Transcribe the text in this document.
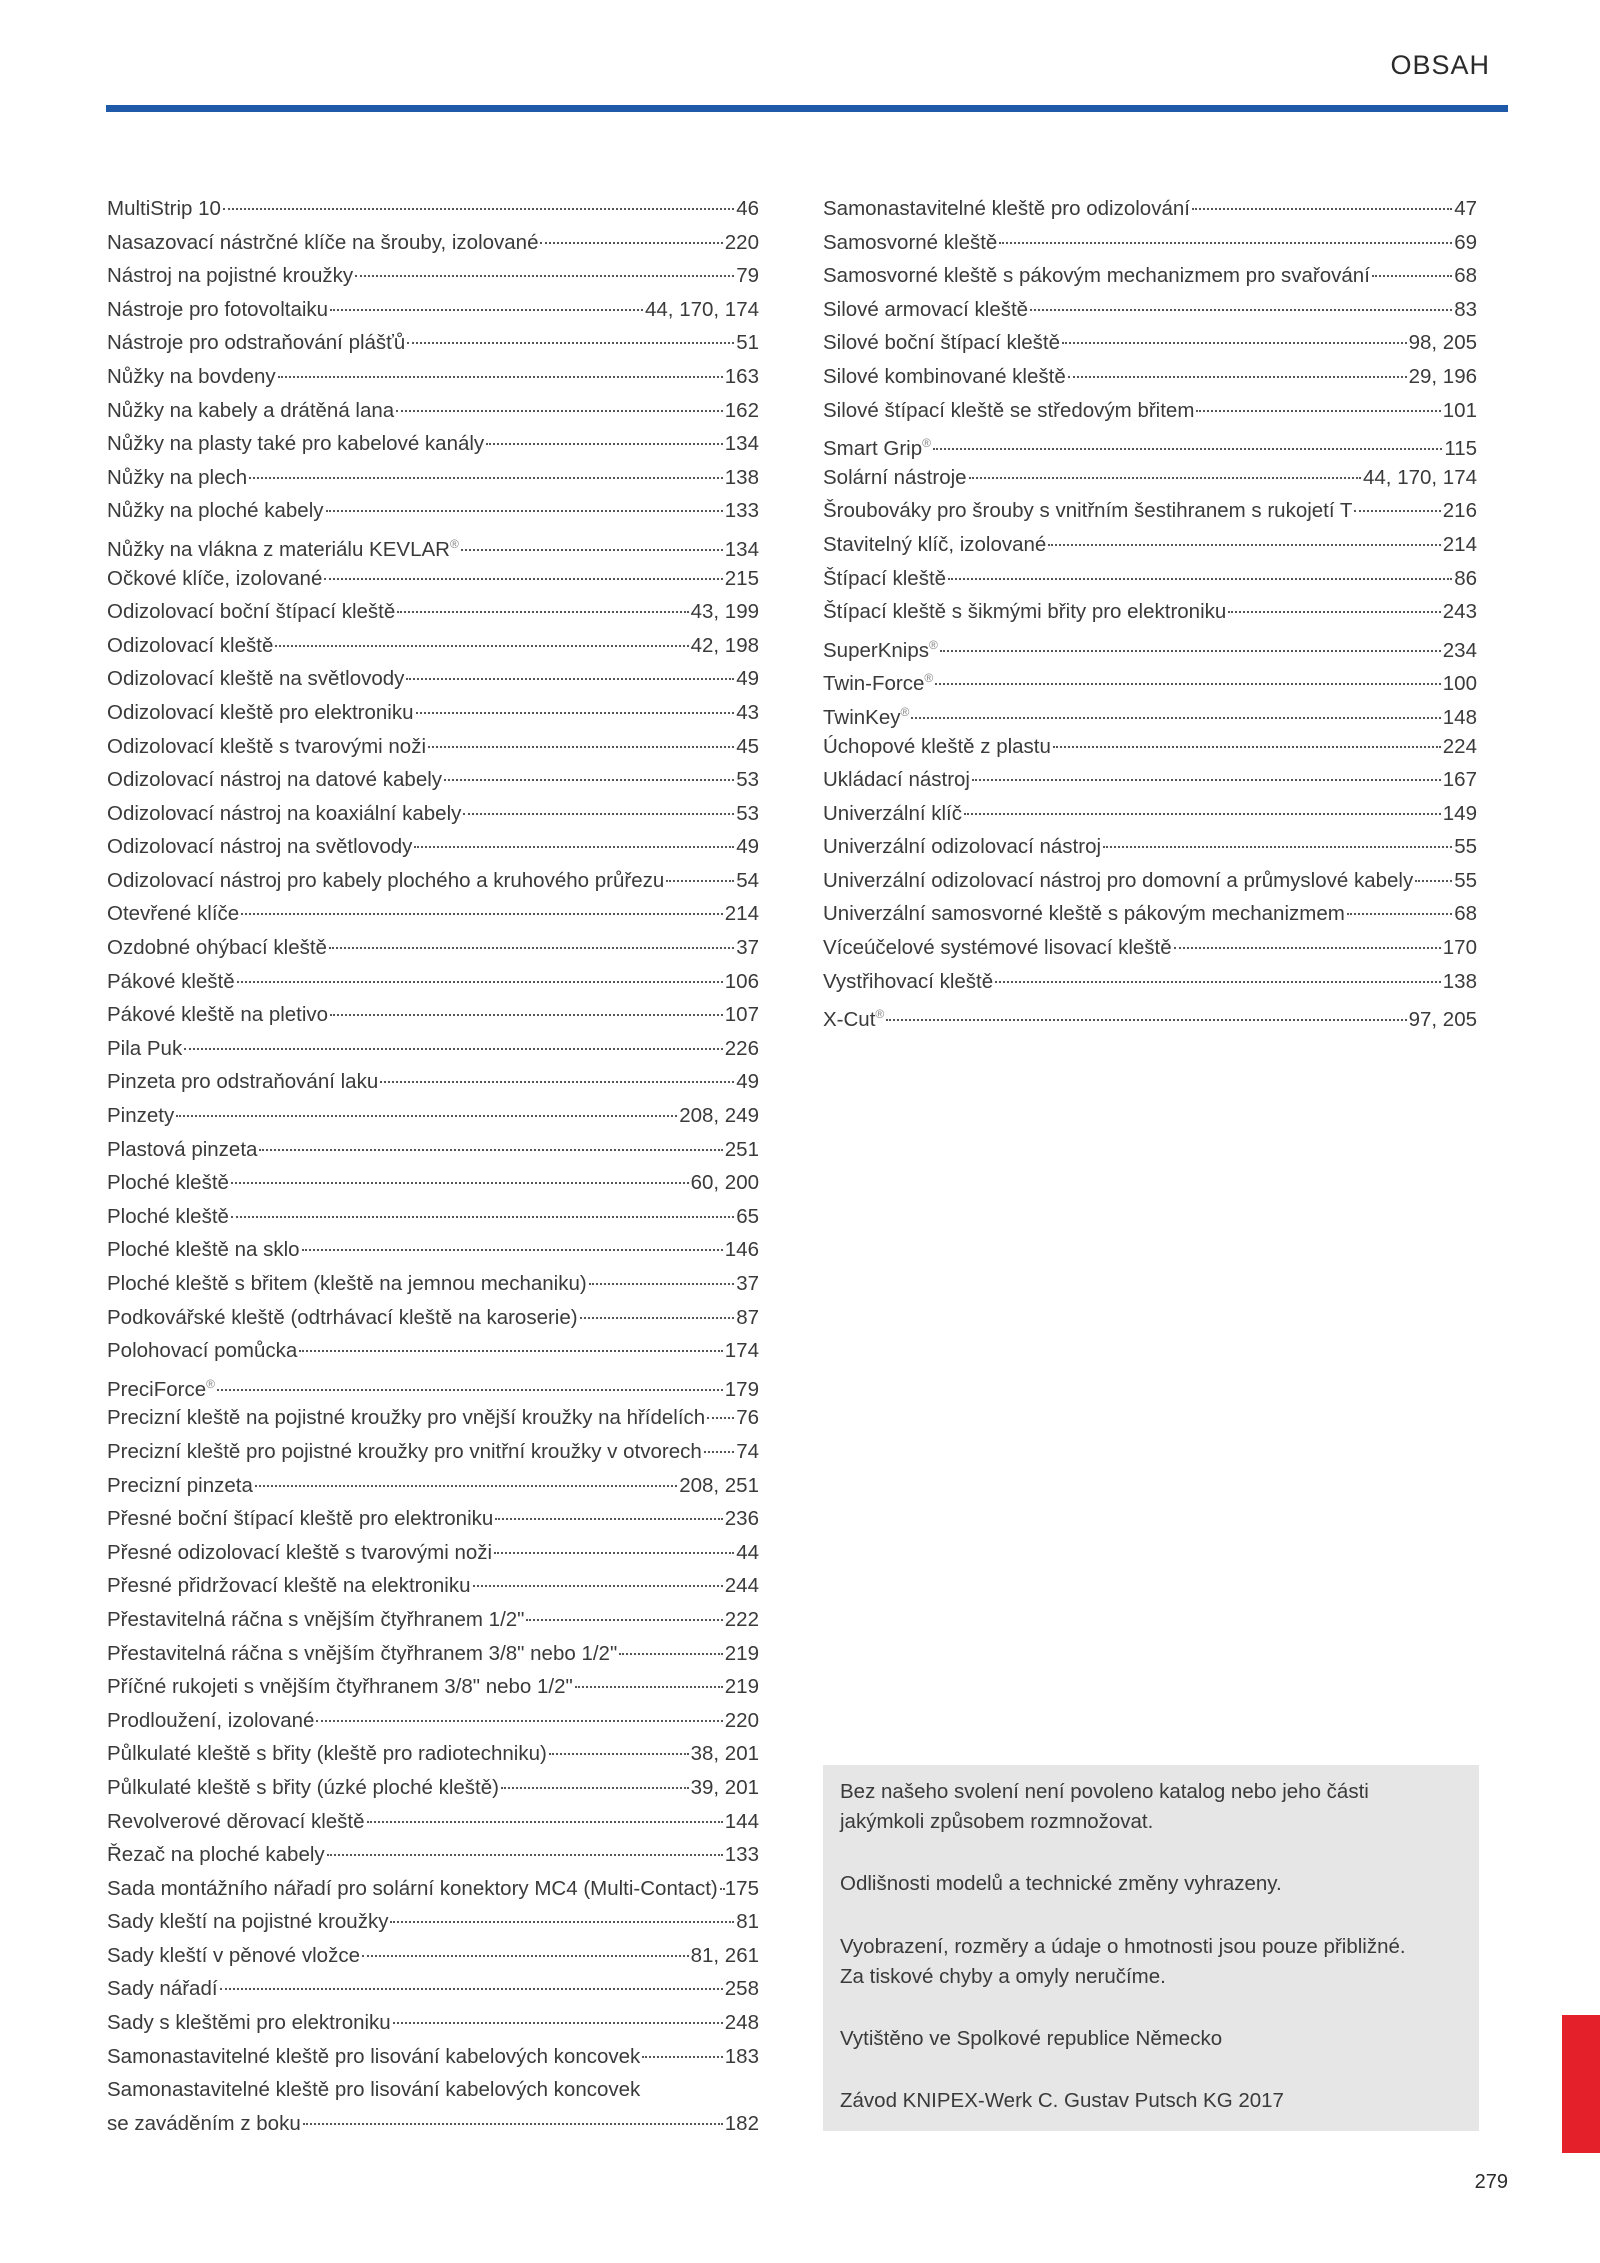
OBSAH
MultiStrip 10	46
Nasazovací nástrčné klíče na šrouby, izolované	220
Nástroj na pojistné kroužky	79
Nástroje pro fotovoltaiku	44, 170, 174
Nástroje pro odstraňování plášťů	51
Nůžky na bovdeny	163
Nůžky na kabely a drátěná lana	162
Nůžky na plasty také pro kabelové kanály	134
Nůžky na plech	138
Nůžky na ploché kabely	133
Nůžky na vlákna z materiálu KEVLAR®	134
Očkové klíče, izolované	215
Odizolovací boční štípací kleště	43, 199
Odizolovací kleště	42, 198
Odizolovací kleště na světlovody	49
Odizolovací kleště pro elektroniku	43
Odizolovací kleště s tvarovými noži	45
Odizolovací nástroj na datové kabely	53
Odizolovací nástroj na koaxiální kabely	53
Odizolovací nástroj na světlovody	49
Odizolovací nástroj pro kabely plochého a kruhového průřezu	54
Otevřené klíče	214
Ozdobné ohýbací kleště	37
Pákové kleště	106
Pákové kleště na pletivo	107
Pila Puk	226
Pinzeta pro odstraňování laku	49
Pinzety	208, 249
Plastová pinzeta	251
Ploché kleště	60, 200
Ploché kleště	65
Ploché kleště na sklo	146
Ploché kleště s břitem (kleště na jemnou mechaniku)	37
Podkovářské kleště (odtrhávací kleště na karoserie)	87
Polohovací pomůcka	174
PreciForce®	179
Precizní kleště na pojistné kroužky pro vnější kroužky na hřídelích 76
Precizní kleště pro pojistné kroužky pro vnitřní kroužky v otvorech 74
Precizní pinzeta	208, 251
Přesné boční štípací kleště pro elektroniku	236
Přesné odizolovací kleště s tvarovými noži	44
Přesné přidržovací kleště na elektroniku	244
Přestavitelná ráčna s vnějším čtyřhranem 1/2"	222
Přestavitelná ráčna s vnějším čtyřhranem 3/8" nebo 1/2"	219
Příčné rukojeti s vnějším čtyřhranem 3/8" nebo 1/2"	219
Prodloužení, izolované	220
Půlkulaté kleště s břity (kleště pro radiotechniku)	38, 201
Půlkulaté kleště s břity (úzké ploché kleště)	39, 201
Revolverové děrovací kleště	144
Řezač na ploché kabely	133
Sada montážního nářadí pro solární konektory MC4 (Multi-Contact) 175
Sady kleští na pojistné kroužky	81
Sady kleští v pěnové vložce	81, 261
Sady nářadí	258
Sady s kleštěmi pro elektroniku	248
Samonastavitelné kleště pro lisování kabelových koncovek	183
Samonastavitelné kleště pro lisování kabelových koncovek
se zaváděním z boku	182
Samonastavitelné kleště pro odizolování	47
Samosvorné kleště	69
Samosvorné kleště s pákovým mechanizmem pro svařování	68
Silové armovací kleště	83
Silové boční štípací kleště	98, 205
Silové kombinované kleště	29, 196
Silové štípací kleště se středovým břitem	101
Smart Grip®	115
Solární nástroje	44, 170, 174
Šroubováky pro šrouby s vnitřním šestihranem s rukojetí T	216
Stavitelný klíč, izolované	214
Štípací kleště	86
Štípací kleště s šikmými břity pro elektroniku	243
SuperKnips®	234
Twin-Force®	100
TwinKey®	148
Úchopové kleště z plastu	224
Ukládací nástroj	167
Univerzální klíč	149
Univerzální odizolovací nástroj	55
Univerzální odizolovací nástroj pro domovní a průmyslové kabely 55
Univerzální samosvorné kleště s pákovým mechanizmem	68
Víceúčelové systémové lisovací kleště	170
Vystřihovací kleště	138
X-Cut®	97, 205

Bez našeho svolení není povoleno katalog nebo jeho části

jakýmkoli způsobem rozmnožovat.

Odlišnosti modelů a technické změny vyhrazeny.

Vyobrazení, rozměry a údaje o hmotnosti jsou pouze přibližné.

Za tiskové chyby a omyly neručíme.

Vytištěno ve Spolkové republice Německo

Závod KNIPEX-Werk C. Gustav Putsch KG 2017

279
